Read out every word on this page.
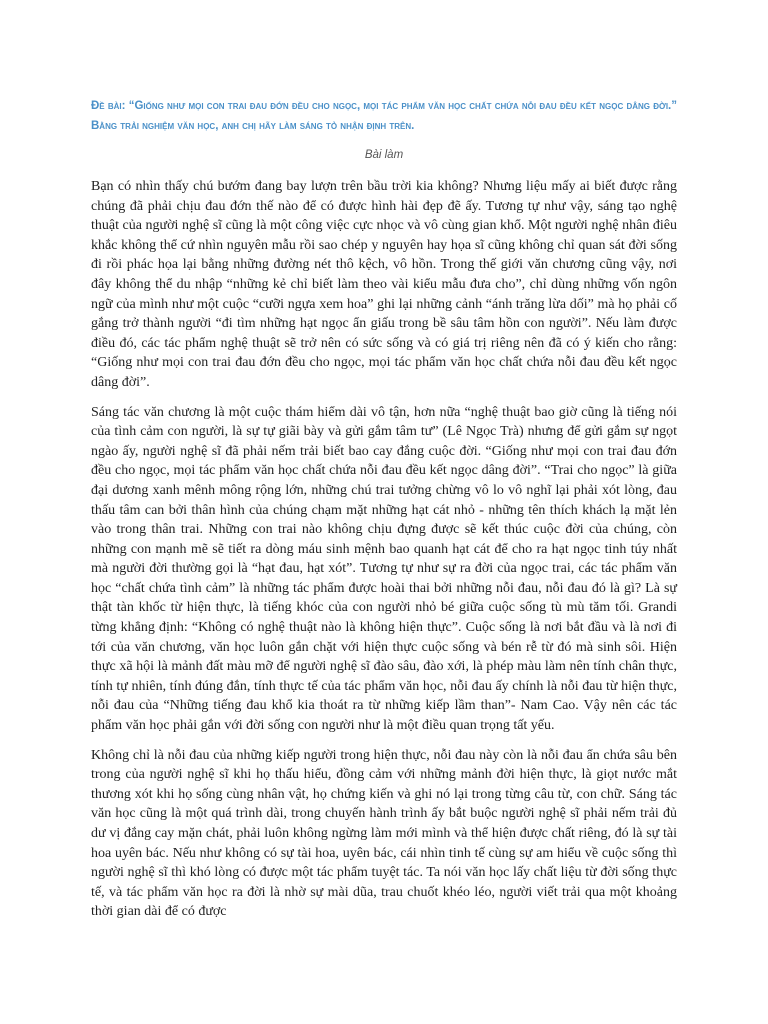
Đề bài: “Giống như mọi con trai đau đớn đều cho ngọc, mọi tác phẩm văn học chất chứa nỗi đau đều kết ngọc dâng đời.” Bằng trải nghiệm văn học, anh chị hãy làm sáng tỏ nhận định trên.

Bài làm

Bạn có nhìn thấy chú bướm đang bay lượn trên bầu trời kia không? Nhưng liệu mấy ai biết được rằng chúng đã phải chịu đau đớn thế nào để có được hình hài đẹp đẽ ấy. Tương tự như vậy, sáng tạo nghệ thuật của người nghệ sĩ cũng là một công việc cực nhọc và vô cùng gian khổ. Một người nghệ nhân điêu khắc không thể cứ nhìn nguyên mẫu rồi sao chép y nguyên hay họa sĩ cũng không chỉ quan sát đời sống đi rồi phác họa lại bằng những đường nét thô kệch, vô hồn. Trong thế giới văn chương cũng vậy, nơi đây không thể du nhập “những kẻ chỉ biết làm theo vài kiểu mẫu đưa cho”, chỉ dùng những vốn ngôn ngữ của mình như một cuộc “cưỡi ngựa xem hoa” ghi lại những cảnh “ánh trăng lừa dối” mà họ phải cố gắng trở thành người “đi tìm những hạt ngọc ẩn giấu trong bề sâu tâm hồn con người”. Nếu làm được điều đó, các tác phẩm nghệ thuật sẽ trở nên có sức sống và có giá trị riêng nên đã có ý kiến cho rằng: “Giống như mọi con trai đau đớn đều cho ngọc, mọi tác phẩm văn học chất chứa nỗi đau đều kết ngọc dâng đời”.

Sáng tác văn chương là một cuộc thám hiểm dài vô tận, hơn nữa “nghệ thuật bao giờ cũng là tiếng nói của tình cảm con người, là sự tự giãi bày và gửi gắm tâm tư” (Lê Ngọc Trà) nhưng để gửi gắm sự ngọt ngào ấy, người nghệ sĩ đã phải nếm trải biết bao cay đắng cuộc đời. “Giống như mọi con trai đau đớn đều cho ngọc, mọi tác phẩm văn học chất chứa nỗi đau đều kết ngọc dâng đời”. “Trai cho ngọc” là giữa đại dương xanh mênh mông rộng lớn, những chú trai tưởng chừng vô lo vô nghĩ lại phải xót lòng, đau thấu tâm can bởi thân hình của chúng chạm mặt những hạt cát nhỏ - những tên thích khách lạ mặt lẻn vào trong thân trai. Những con trai nào không chịu đựng được sẽ kết thúc cuộc đời của chúng, còn những con mạnh mẽ sẽ tiết ra dòng máu sinh mệnh bao quanh hạt cát để cho ra hạt ngọc tinh túy nhất mà người đời thường gọi là “hạt đau, hạt xót”. Tương tự như sự ra đời của ngọc trai, các tác phẩm văn học “chất chứa tình cảm” là những tác phẩm được hoài thai bởi những nỗi đau, nỗi đau đó là gì? Là sự thật tàn khốc từ hiện thực, là tiếng khóc của con người nhỏ bé giữa cuộc sống tù mù tăm tối. Grandi từng khẳng định: “Không có nghệ thuật nào là không hiện thực”. Cuộc sống là nơi bắt đầu và là nơi đi tới của văn chương, văn học luôn gắn chặt với hiện thực cuộc sống và bén rễ từ đó mà sinh sôi. Hiện thực xã hội là mảnh đất màu mỡ để người nghệ sĩ đào sâu, đào xới, là phép màu làm nên tính chân thực, tính tự nhiên, tính đúng đắn, tính thực tế của tác phẩm văn học, nỗi đau ấy chính là nỗi đau từ hiện thực, nỗi đau của “Những tiếng đau khổ kia thoát ra từ những kiếp lầm than”- Nam Cao. Vậy nên các tác phẩm văn học phải gắn với đời sống con người như là một điều quan trọng tất yếu.

Không chỉ là nỗi đau của những kiếp người trong hiện thực, nỗi đau này còn là nỗi đau ẩn chứa sâu bên trong của người nghệ sĩ khi họ thấu hiểu, đồng cảm với những mảnh đời hiện thực, là giọt nước mắt thương xót khi họ sống cùng nhân vật, họ chứng kiến và ghi nó lại trong từng câu từ, con chữ. Sáng tác văn học cũng là một quá trình dài, trong chuyến hành trình ấy bắt buộc người nghệ sĩ phải nếm trải đủ dư vị đắng cay mặn chát, phải luôn không ngừng làm mới mình và thể hiện được chất riêng, đó là sự tài hoa uyên bác. Nếu như không có sự tài hoa, uyên bác, cái nhìn tinh tế cùng sự am hiểu về cuộc sống thì người nghệ sĩ thì khó lòng có được một tác phẩm tuyệt tác. Ta nói văn học lấy chất liệu từ đời sống thực tế, và tác phẩm văn học ra đời là nhờ sự mài dũa, trau chuốt khéo léo, người viết trải qua một khoảng thời gian dài để có được
